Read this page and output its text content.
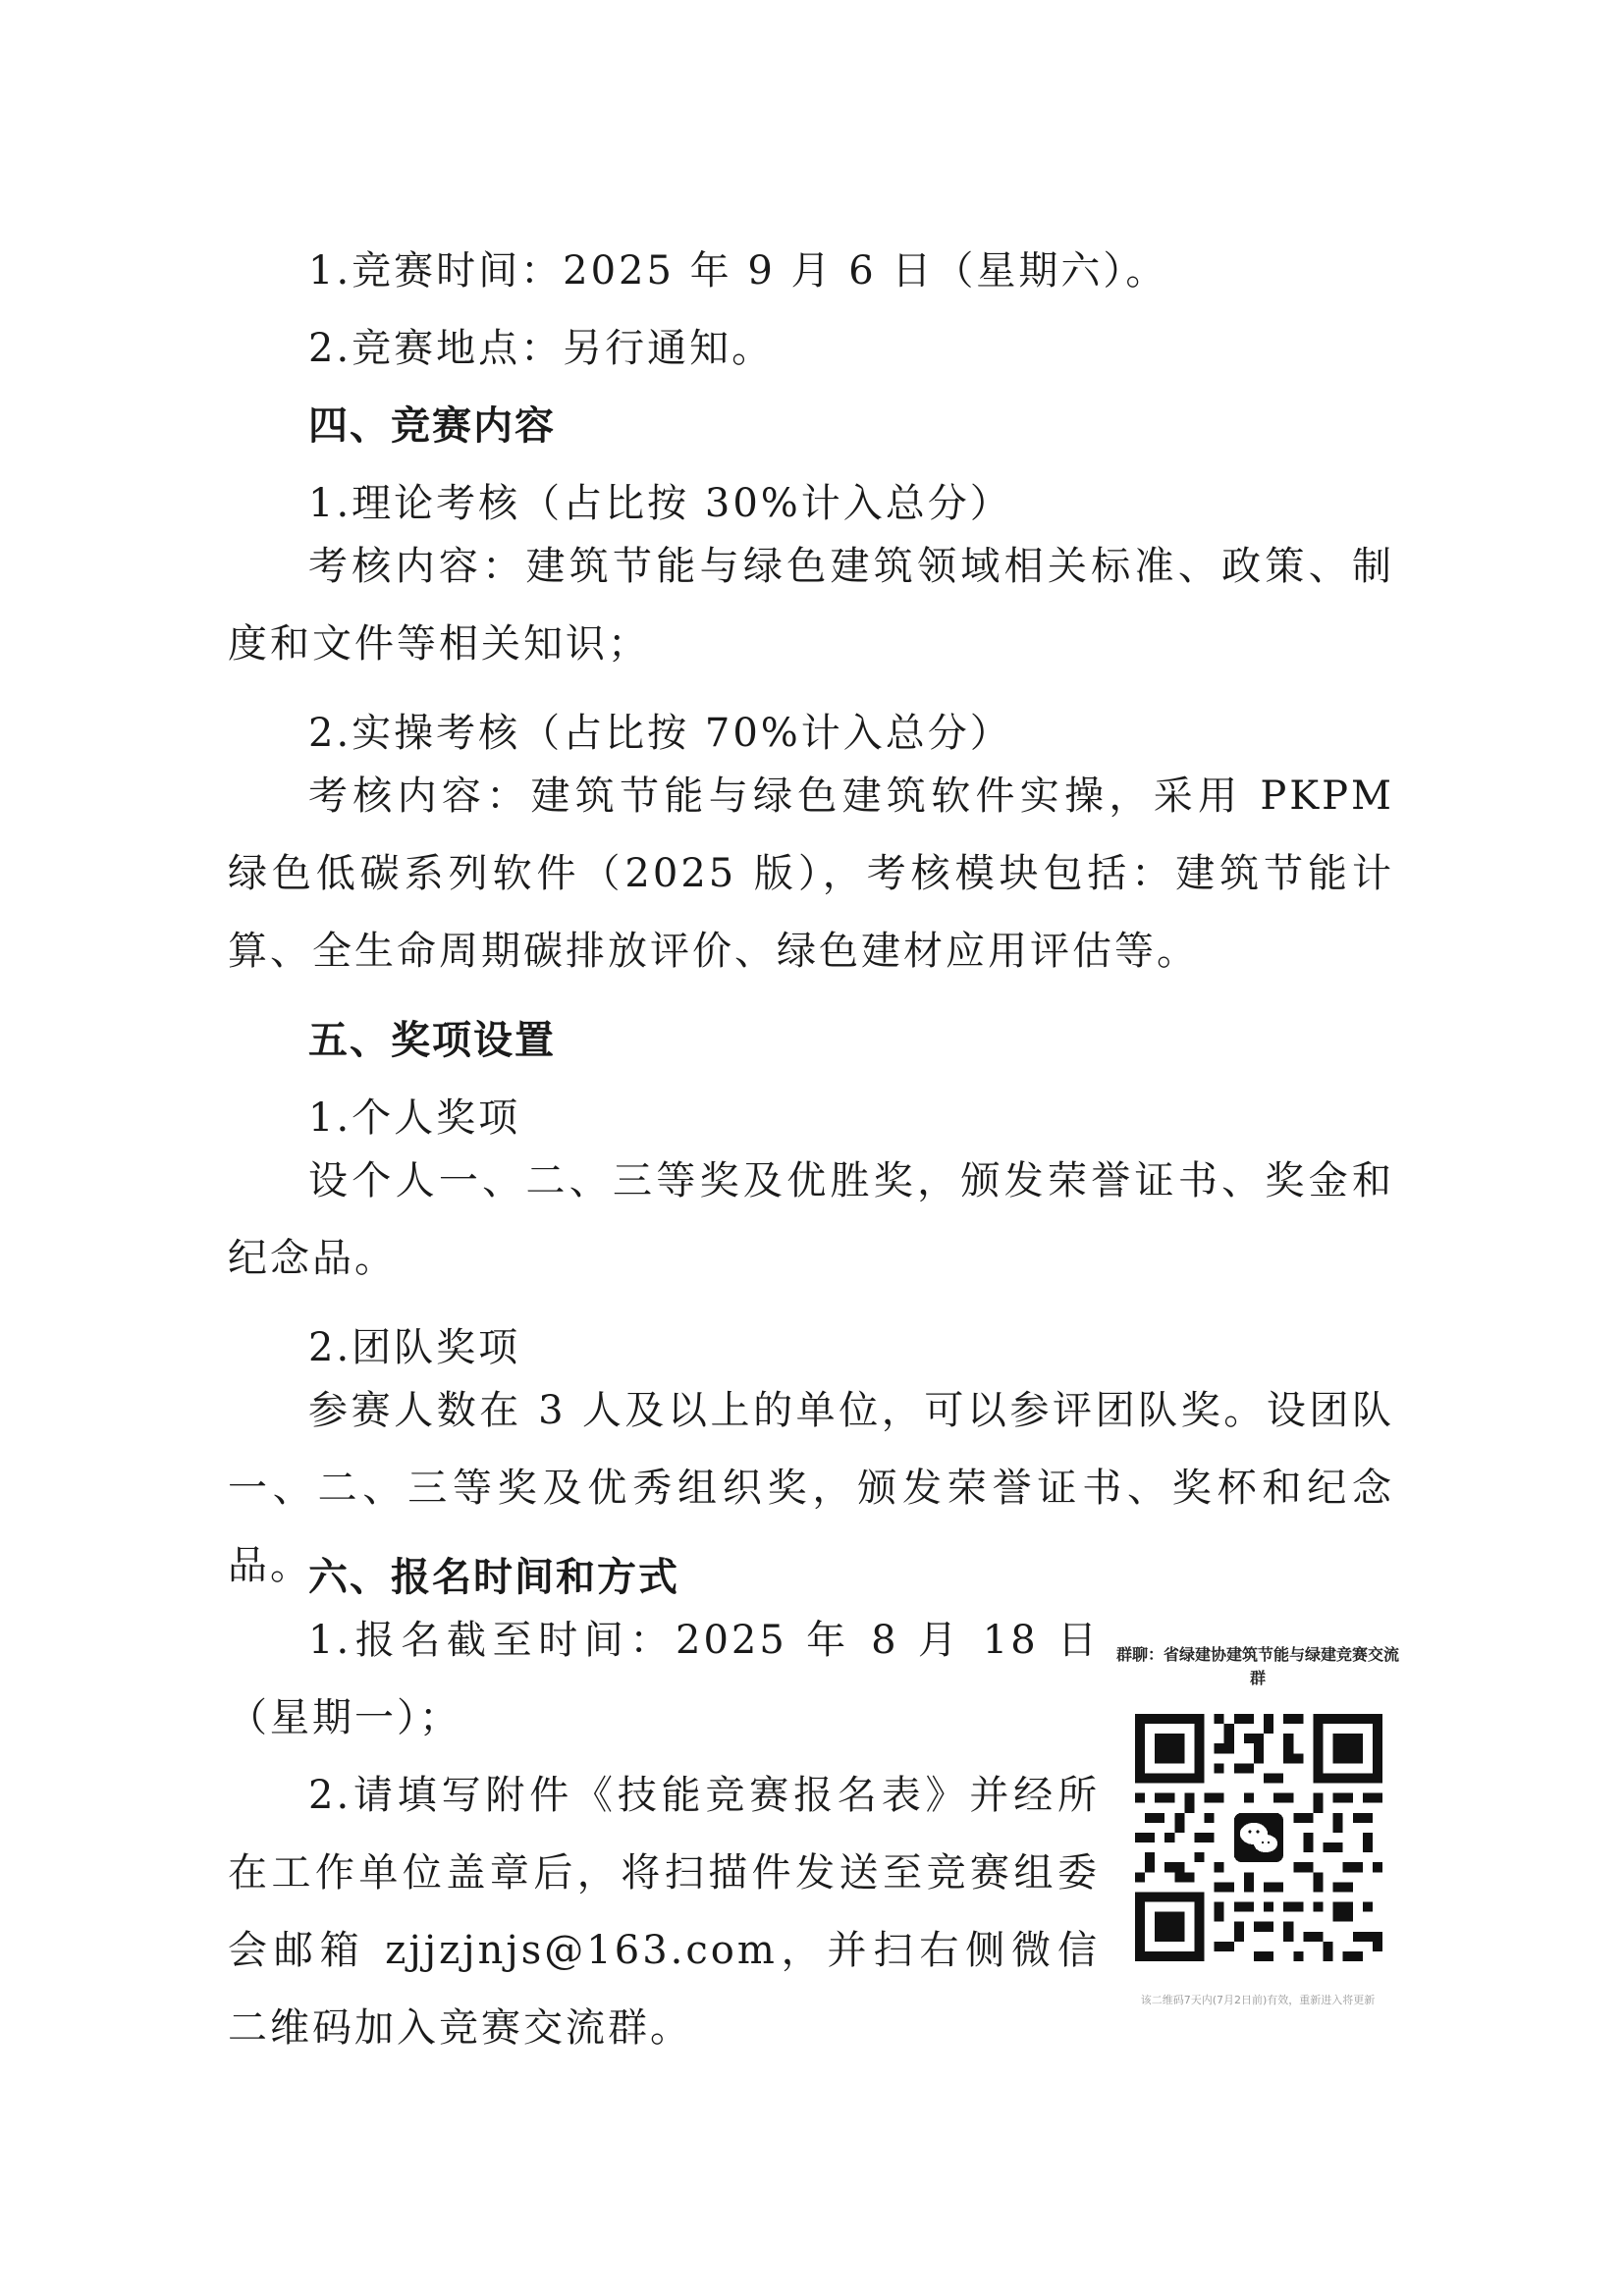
1.竞赛时间：2025 年 9 月 6 日（星期六）。
2.竞赛地点：另行通知。
四、竞赛内容
1.理论考核（占比按 30%计入总分）
考核内容：建筑节能与绿色建筑领域相关标准、政策、制度和文件等相关知识；
2.实操考核（占比按 70%计入总分）
考核内容：建筑节能与绿色建筑软件实操，采用 PKPM 绿色低碳系列软件（2025 版），考核模块包括：建筑节能计算、全生命周期碳排放评价、绿色建材应用评估等。
五、奖项设置
1.个人奖项
设个人一、二、三等奖及优胜奖，颁发荣誉证书、奖金和纪念品。
2.团队奖项
参赛人数在 3 人及以上的单位，可以参评团队奖。设团队一、二、三等奖及优秀组织奖，颁发荣誉证书、奖杯和纪念品。
六、报名时间和方式
1.报名截至时间：2025 年 8 月 18 日（星期一）；
2.请填写附件《技能竞赛报名表》并经所在工作单位盖章后，将扫描件发送至竞赛组委会邮箱 zjjzjnjs@163.com，并扫右侧微信二维码加入竞赛交流群。
群聊：省绿建协建筑节能与绿建竞赛交流群
该二维码7天内(7月2日前)有效，重新进入将更新
